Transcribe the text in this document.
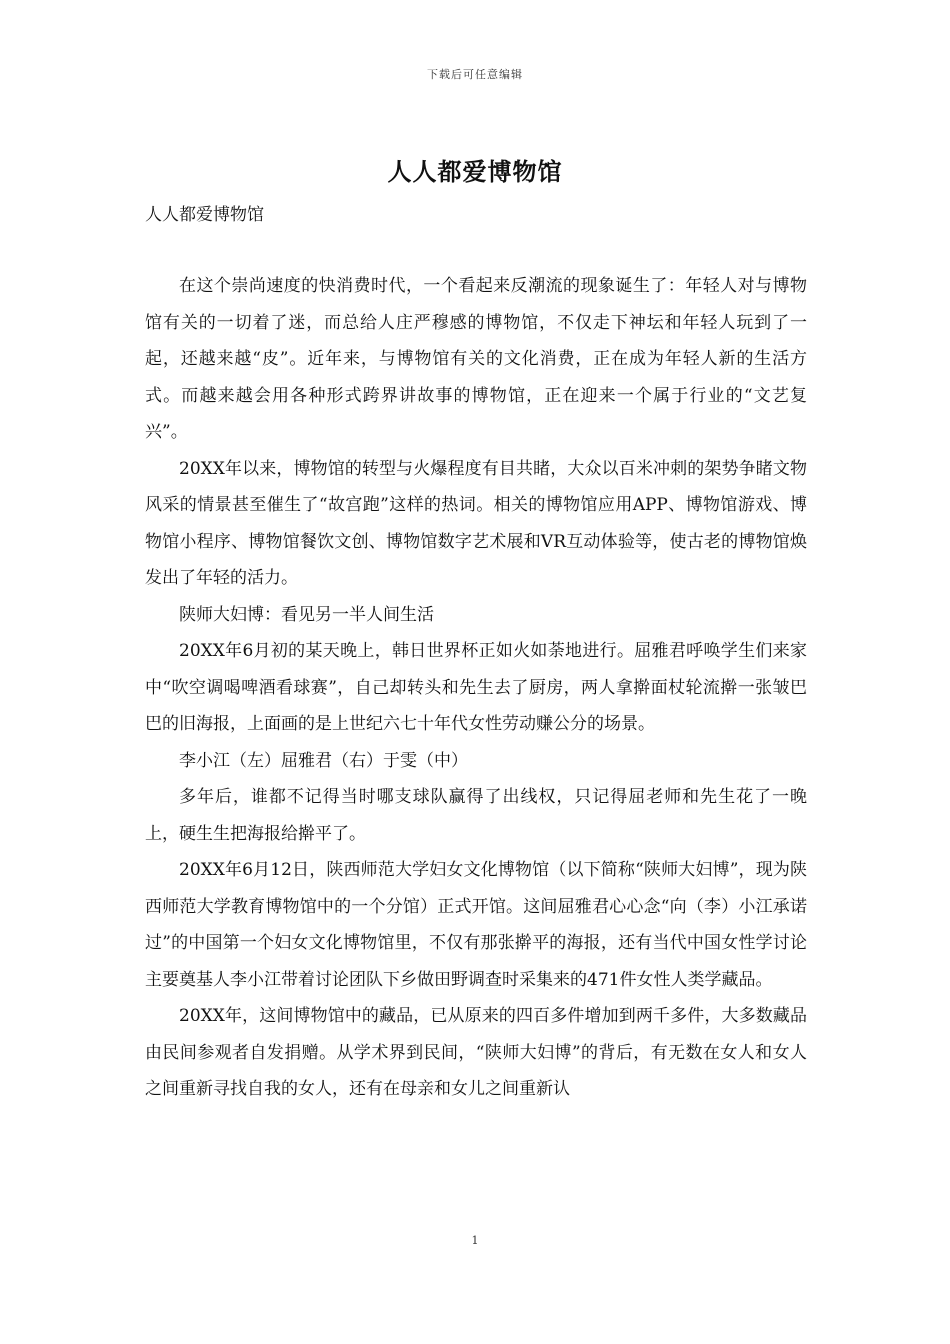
下载后可任意编辑
人人都爱博物馆
人人都爱博物馆

在这个崇尚速度的快消费时代，一个看起来反潮流的现象诞生了：年轻人对与博物馆有关的一切着了迷，而总给人庄严穆感的博物馆，不仅走下神坛和年轻人玩到了一起，还越来越“皮”。近年来，与博物馆有关的文化消费，正在成为年轻人新的生活方式。而越来越会用各种形式跨界讲故事的博物馆，正在迎来一个属于行业的“文艺复兴”。

20XX年以来，博物馆的转型与火爆程度有目共睹，大众以百米冲刺的架势争睹文物风采的情景甚至催生了“故宫跑”这样的热词。相关的博物馆应用APP、博物馆游戏、博物馆小程序、博物馆餐饮文创、博物馆数字艺术展和VR互动体验等，使古老的博物馆焕发出了年轻的活力。

陕师大妇博：看见另一半人间生活

20XX年6月初的某天晚上，韩日世界杯正如火如荼地进行。屈雅君呼唤学生们来家中“吹空调喝啤酒看球赛”，自己却转头和先生去了厨房，两人拿擀面杖轮流擀一张皱巴巴的旧海报，上面画的是上世纪六七十年代女性劳动赚公分的场景。

李小江（左）屈雅君（右）于雯（中）

多年后，谁都不记得当时哪支球队赢得了出线权，只记得屈老师和先生花了一晚上，硬生生把海报给擀平了。

20XX年6月12日，陕西师范大学妇女文化博物馆（以下简称“陕师大妇博”，现为陕西师范大学教育博物馆中的一个分馆）正式开馆。这间屈雅君心心念“向（李）小江承诺过”的中国第一个妇女文化博物馆里，不仅有那张擀平的海报，还有当代中国女性学讨论主要奠基人李小江带着讨论团队下乡做田野调查时采集来的471件女性人类学藏品。

20XX年，这间博物馆中的藏品，已从原来的四百多件增加到两千多件，大多数藏品由民间参观者自发捐赠。从学术界到民间，“陕师大妇博”的背后，有无数在女人和女人之间重新寻找自我的女人，还有在母亲和女儿之间重新认

1
